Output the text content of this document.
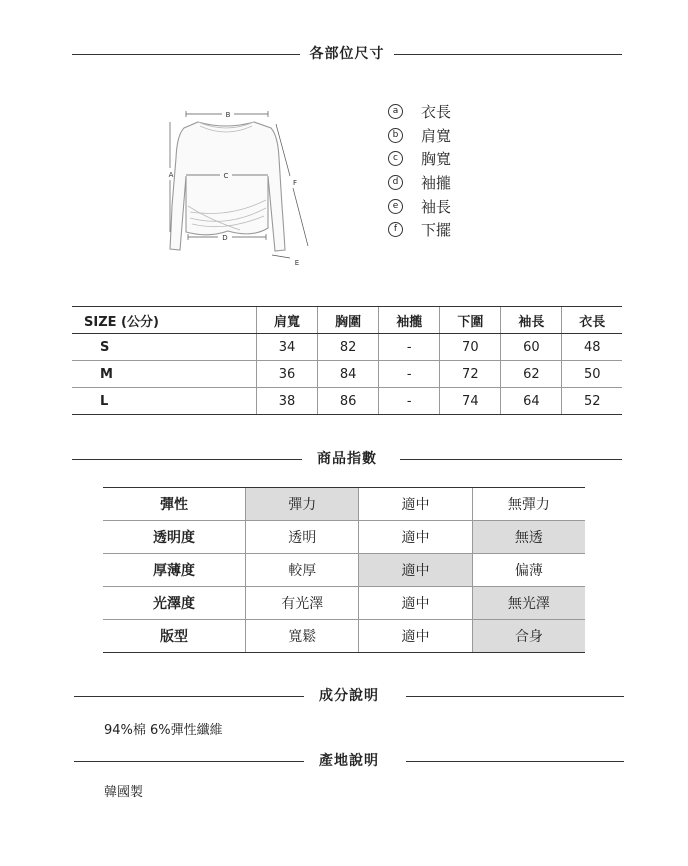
各部位尺寸
B
A	C
D
E
F
a	衣長
b	肩寬
c	胸寬
d	袖攏
e	袖長
f	下擺
SIZE (公分)	肩寬	胸圍	袖攏	下圍	袖長	衣長
S	34	82	-	70	60	48
M	36	84	-	72	62	50
L	38	86	-	74	64	52
商品指數
彈性	彈力	適中	無彈力
透明度	透明	適中	無透
厚薄度	較厚	適中	偏薄
光澤度	有光澤	適中	無光澤
版型	寬鬆	適中	合身
成分說明
94%棉 6%彈性纖維
產地說明
韓國製
